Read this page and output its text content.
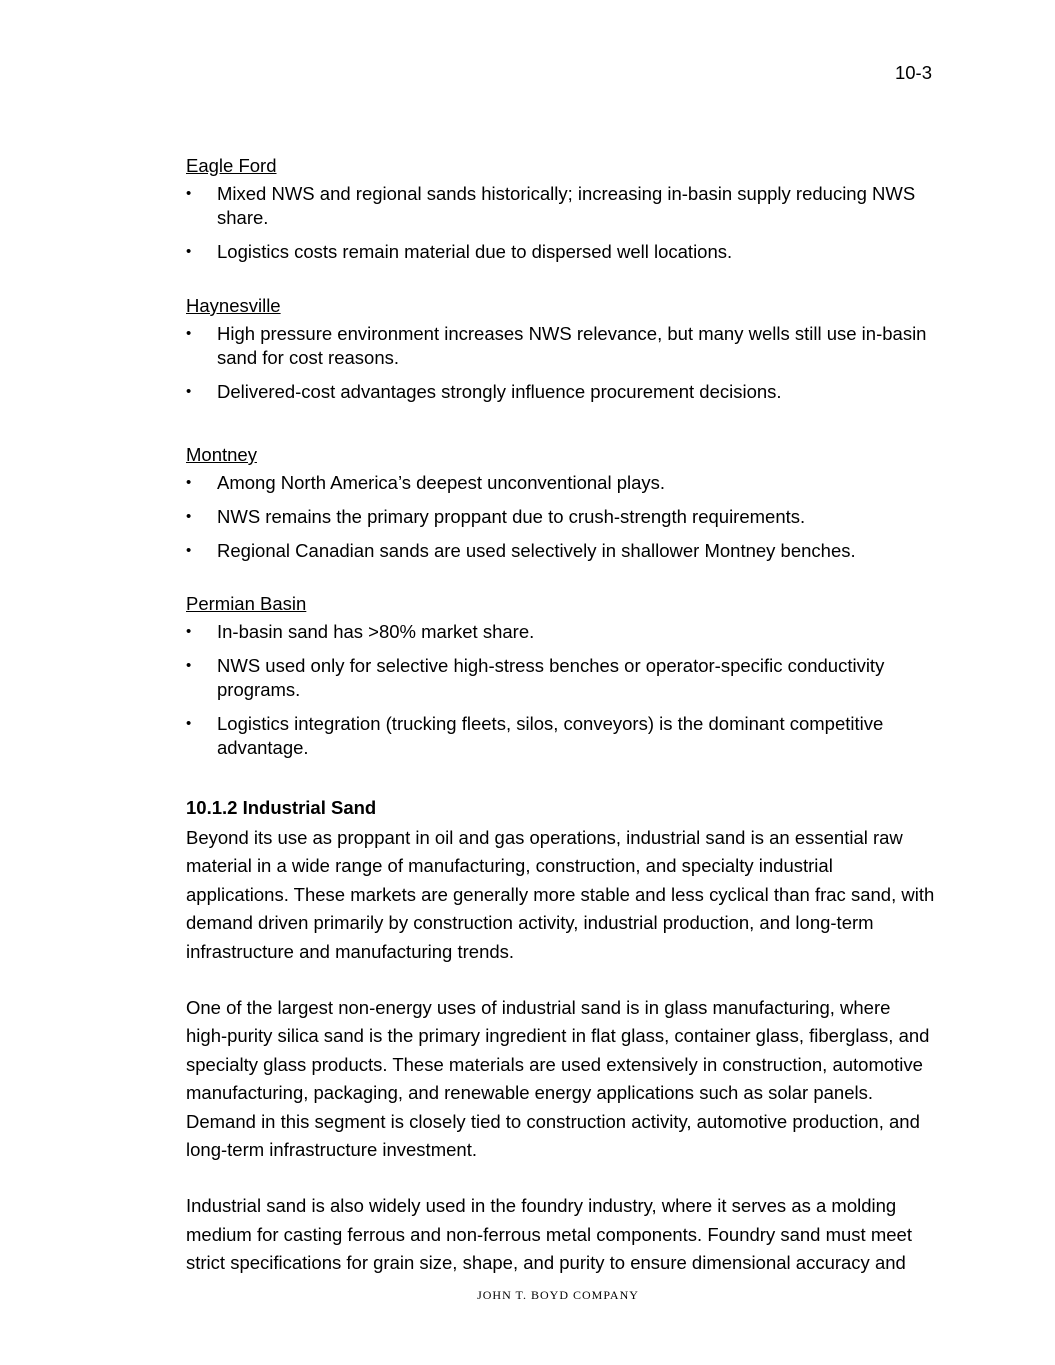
10-3

Eagle Ford

• Mixed NWS and regional sands historically; increasing in-basin supply reducing NWS share.
• Logistics costs remain material due to dispersed well locations.

Haynesville

• High pressure environment increases NWS relevance, but many wells still use in-basin sand for cost reasons.
• Delivered-cost advantages strongly influence procurement decisions.

Montney

• Among North America’s deepest unconventional plays.
• NWS remains the primary proppant due to crush-strength requirements.
• Regional Canadian sands are used selectively in shallower Montney benches.

Permian Basin

• In-basin sand has >80% market share.
• NWS used only for selective high-stress benches or operator-specific conductivity programs.
• Logistics integration (trucking fleets, silos, conveyors) is the dominant competitive advantage.

10.1.2 Industrial Sand

Beyond its use as proppant in oil and gas operations, industrial sand is an essential raw material in a wide range of manufacturing, construction, and specialty industrial applications. These markets are generally more stable and less cyclical than frac sand, with demand driven primarily by construction activity, industrial production, and long-term infrastructure and manufacturing trends.

One of the largest non-energy uses of industrial sand is in glass manufacturing, where high-purity silica sand is the primary ingredient in flat glass, container glass, fiberglass, and specialty glass products. These materials are used extensively in construction, automotive manufacturing, packaging, and renewable energy applications such as solar panels. Demand in this segment is closely tied to construction activity, automotive production, and long-term infrastructure investment.

Industrial sand is also widely used in the foundry industry, where it serves as a molding medium for casting ferrous and non-ferrous metal components. Foundry sand must meet strict specifications for grain size, shape, and purity to ensure dimensional accuracy and

JOHN T. BOYD COMPANY
